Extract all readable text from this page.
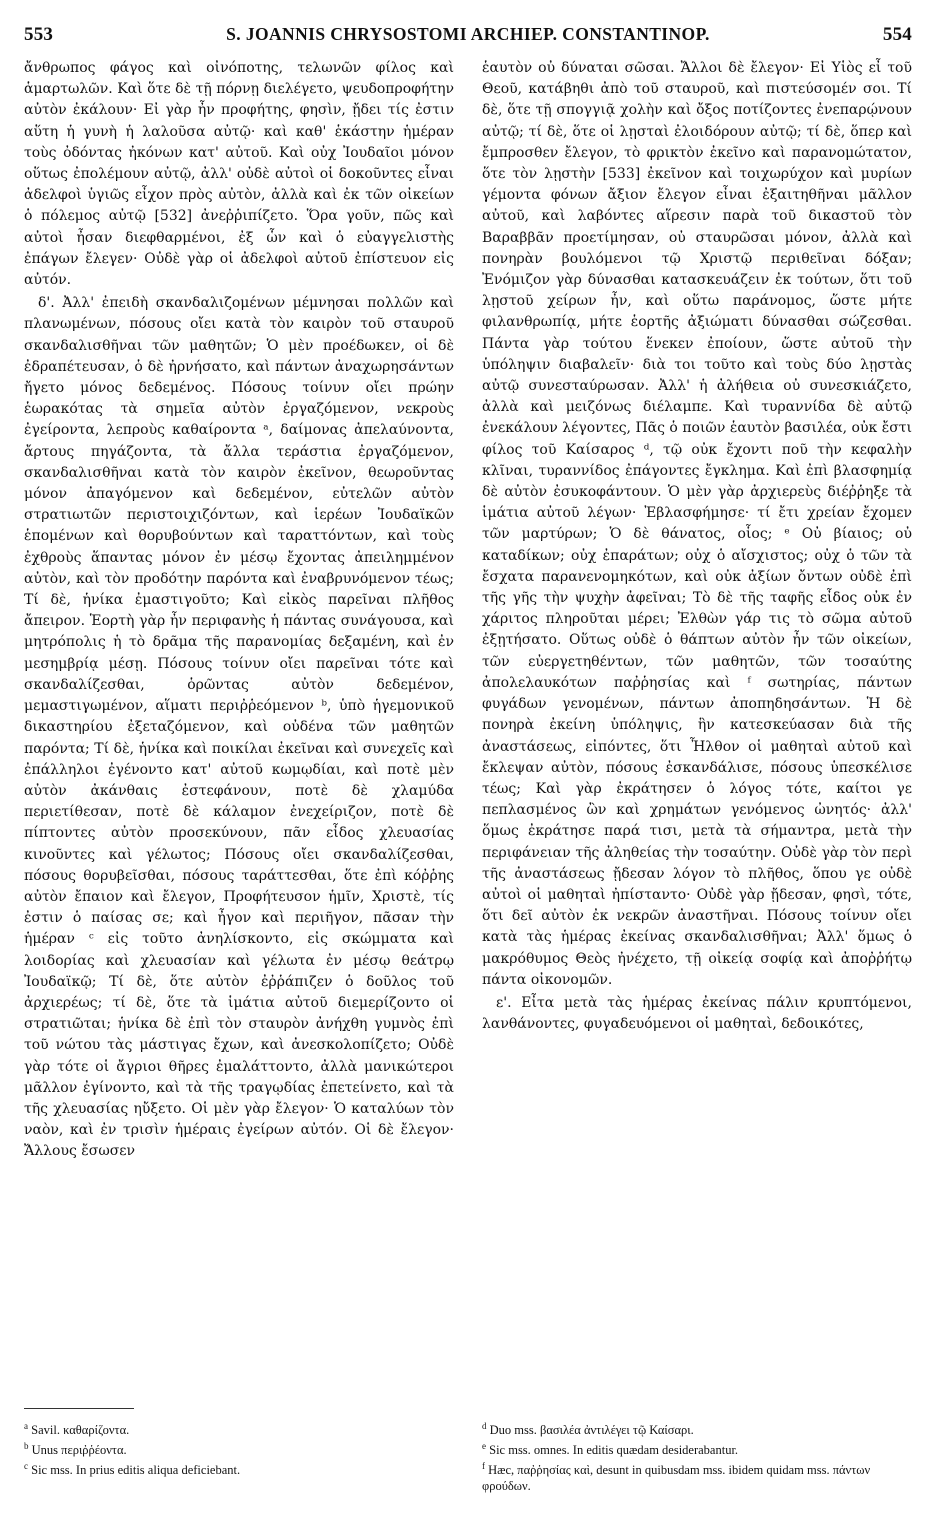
553	S. JOANNIS CHRYSOSTOMI ARCHIEP. CONSTANTINOP.	554

ἄνθρωπος φάγος καὶ οἰνόποτης, τελωνῶν φίλος καὶ ἁμαρτωλῶν. Καὶ ὅτε δὲ τῇ πόρνῃ διελέγετο, ψευδοπροφήτην αὐτὸν ἐκάλουν· Εἰ γὰρ ἦν προφήτης, φησὶν, ᾔδει τίς ἐστιν αὕτη ἡ γυνὴ ἡ λαλοῦσα αὐτῷ· καὶ καθ' ἑκάστην ἡμέραν τοὺς ὀδόντας ἠκόνων κατ' αὐτοῦ. Καὶ οὐχ Ἰουδαῖοι μόνον οὕτως ἐπολέμουν αὐτῷ, ἀλλ' οὐδὲ αὐτοὶ οἱ δοκοῦντες εἶναι ἀδελφοὶ ὑγιῶς εἶχον πρὸς αὐτὸν, ἀλλὰ καὶ ἐκ τῶν οἰκείων ὁ πόλεμος αὐτῷ [532] ἀνεῤῥιπίζετο. Ὅρα γοῦν, πῶς καὶ αὐτοὶ ἦσαν διεφθαρμένοι, ἐξ ὧν καὶ ὁ εὐαγγελιστὴς ἐπάγων ἔλεγεν· Οὐδὲ γὰρ οἱ ἀδελφοὶ αὐτοῦ ἐπίστευον εἰς αὐτόν.

δ'. Ἀλλ' ἐπειδὴ σκανδαλιζομένων μέμνησαι πολλῶν καὶ πλανωμένων, πόσους οἴει κατὰ τὸν καιρὸν τοῦ σταυροῦ σκανδαλισθῆναι τῶν μαθητῶν; Ὁ μὲν προέδωκεν, οἱ δὲ ἐδραπέτευσαν, ὁ δὲ ἠρνήσατο, καὶ πάντων ἀναχωρησάντων ἤγετο μόνος δεδεμένος. Πόσους τοίνυν οἴει πρώην ἑωρακότας τὰ σημεῖα αὐτὸν ἐργαζόμενον, νεκροὺς ἐγείροντα, λεπροὺς καθαίροντα ᵃ, δαίμονας ἀπελαύνοντα, ἄρτους πηγάζοντα, τὰ ἄλλα τεράστια ἐργαζόμενον, σκανδαλισθῆναι κατὰ τὸν καιρὸν ἐκεῖνον, θεωροῦντας μόνον ἀπαγόμενον καὶ δεδεμένον, εὐτελῶν αὐτὸν στρατιωτῶν περιστοιχιζόντων, καὶ ἱερέων Ἰουδαϊκῶν ἑπομένων καὶ θορυβούντων καὶ ταραττόντων, καὶ τοὺς ἐχθροὺς ἅπαντας μόνον ἐν μέσῳ ἔχοντας ἀπειλημμένον αὐτὸν, καὶ τὸν προδότην παρόντα καὶ ἐναβρυνόμενον τέως; Τί δὲ, ἡνίκα ἐμαστιγοῦτο; Καὶ εἰκὸς παρεῖναι πλῆθος ἄπειρον. Ἑορτὴ γὰρ ἦν περιφανὴς ἡ πάντας συνάγουσα, καὶ μητρόπολις ἡ τὸ δρᾶμα τῆς παρανομίας δεξαμένη, καὶ ἐν μεσημβρίᾳ μέσῃ. Πόσους τοίνυν οἴει παρεῖναι τότε καὶ σκανδαλίζεσθαι, ὁρῶντας αὐτὸν δεδεμένον, μεμαστιγωμένον, αἵματι περιῤῥεόμενον ᵇ, ὑπὸ ἡγεμονικοῦ δικαστηρίου ἐξεταζόμενον, καὶ οὐδένα τῶν μαθητῶν παρόντα; Τί δὲ, ἡνίκα καὶ ποικίλαι ἐκεῖναι καὶ συνεχεῖς καὶ ἐπάλληλοι ἐγένοντο κατ' αὐτοῦ κωμῳδίαι, καὶ ποτὲ μὲν αὐτὸν ἀκάνθαις ἐστεφάνουν, ποτὲ δὲ χλαμύδα περιετίθεσαν, ποτὲ δὲ κάλαμον ἐνεχείριζον, ποτὲ δὲ πίπτοντες αὐτὸν προσεκύνουν, πᾶν εἶδος χλευασίας κινοῦντες καὶ γέλωτος; Πόσους οἴει σκανδαλίζεσθαι, πόσους θορυβεῖσθαι, πόσους ταράττεσθαι, ὅτε ἐπὶ κόῤῥης αὐτὸν ἔπαιον καὶ ἔλεγον, Προφήτευσον ἡμῖν, Χριστὲ, τίς ἐστιν ὁ παίσας σε; καὶ ἦγον καὶ περιῆγον, πᾶσαν τὴν ἡμέραν ᶜ εἰς τοῦτο ἀνηλίσκοντο, εἰς σκώμματα καὶ λοιδορίας καὶ χλευασίαν καὶ γέλωτα ἐν μέσῳ θεάτρῳ Ἰουδαϊκῷ; Τί δὲ, ὅτε αὐτὸν ἐῤῥάπιζεν ὁ δοῦλος τοῦ ἀρχιερέως; τί δὲ, ὅτε τὰ ἱμάτια αὐτοῦ διεμερίζοντο οἱ στρατιῶται; ἡνίκα δὲ ἐπὶ τὸν σταυρὸν ἀνήχθη γυμνὸς ἐπὶ τοῦ νώτου τὰς μάστιγας ἔχων, καὶ ἀνεσκολοπίζετο; Οὐδὲ γὰρ τότε οἱ ἄγριοι θῆρες ἐμαλάττοντο, ἀλλὰ μανικώτεροι μᾶλλον ἐγίνοντο, καὶ τὰ τῆς τραγῳδίας ἐπετείνετο, καὶ τὰ τῆς χλευασίας ηὔξετο. Οἱ μὲν γὰρ ἔλεγον· Ὁ καταλύων τὸν ναὸν, καὶ ἐν τρισὶν ἡμέραις ἐγείρων αὐτόν. Οἱ δὲ ἔλεγον· Ἄλλους ἔσωσεν

ἑαυτὸν οὐ δύναται σῶσαι. Ἄλλοι δὲ ἔλεγον· Εἰ Υἱὸς εἶ τοῦ Θεοῦ, κατάβηθι ἀπὸ τοῦ σταυροῦ, καὶ πιστεύσομέν σοι. Τί δὲ, ὅτε τῇ σπογγιᾷ χολὴν καὶ ὄξος ποτίζοντες ἐνεπαρῴνουν αὐτῷ; τί δὲ, ὅτε οἱ λῃσταὶ ἐλοιδόρουν αὐτῷ; τί δὲ, ὅπερ καὶ ἔμπροσθεν ἔλεγον, τὸ φρικτὸν ἐκεῖνο καὶ παρανομώτατον, ὅτε τὸν λῃστὴν [533] ἐκεῖνον καὶ τοιχωρύχον καὶ μυρίων γέμοντα φόνων ἄξιον ἔλεγον εἶναι ἐξαιτηθῆναι μᾶλλον αὐτοῦ, καὶ λαβόντες αἵρεσιν παρὰ τοῦ δικαστοῦ τὸν Βαραββᾶν προετίμησαν, οὐ σταυρῶσαι μόνον, ἀλλὰ καὶ πονηρὰν βουλόμενοι τῷ Χριστῷ περιθεῖναι δόξαν; Ἐνόμιζον γὰρ δύνασθαι κατασκευάζειν ἐκ τούτων, ὅτι τοῦ λῃστοῦ χείρων ἦν, καὶ οὕτω παράνομος, ὥστε μήτε φιλανθρωπίᾳ, μήτε ἑορτῆς ἀξιώματι δύνασθαι σώζεσθαι. Πάντα γὰρ τούτου ἕνεκεν ἐποίουν, ὥστε αὐτοῦ τὴν ὑπόληψιν διαβαλεῖν· διὰ τοι τοῦτο καὶ τοὺς δύο λῃστὰς αὐτῷ συνεσταύρωσαν. Ἀλλ' ἡ ἀλήθεια οὐ συνεσκιάζετο, ἀλλὰ καὶ μειζόνως διέλαμπε. Καὶ τυραννίδα δὲ αὐτῷ ἐνεκάλουν λέγοντες, Πᾶς ὁ ποιῶν ἑαυτὸν βασιλέα, οὐκ ἔστι φίλος τοῦ Καίσαρος ᵈ, τῷ οὐκ ἔχοντι ποῦ τὴν κεφαλὴν κλῖναι, τυραννίδος ἐπάγοντες ἔγκλημα. Καὶ ἐπὶ βλασφημίᾳ δὲ αὐτὸν ἐσυκοφάντουν. Ὁ μὲν γὰρ ἀρχιερεὺς διέῤῥηξε τὰ ἱμάτια αὐτοῦ λέγων· Ἐβλασφήμησε· τί ἔτι χρείαν ἔχομεν τῶν μαρτύρων; Ὁ δὲ θάνατος, οἷος; ᵉ Οὐ βίαιος; οὐ καταδίκων; οὐχ ἐπαράτων; οὐχ ὁ αἴσχιστος; οὐχ ὁ τῶν τὰ ἔσχατα παρανενομηκότων, καὶ οὐκ ἀξίων ὄντων οὐδὲ ἐπὶ τῆς γῆς τὴν ψυχὴν ἀφεῖναι; Τὸ δὲ τῆς ταφῆς εἶδος οὐκ ἐν χάριτος πληροῦται μέρει; Ἐλθὼν γάρ τις τὸ σῶμα αὐτοῦ ἐξῃτήσατο. Οὕτως οὐδὲ ὁ θάπτων αὐτὸν ἦν τῶν οἰκείων, τῶν εὐεργετηθέντων, τῶν μαθητῶν, τῶν τοσαύτης ἀπολελαυκότων παῤῥησίας καὶ ᶠ σωτηρίας, πάντων φυγάδων γενομένων, πάντων ἀποπηδησάντων. Ἡ δὲ πονηρὰ ἐκείνη ὑπόληψις, ἣν κατεσκεύασαν διὰ τῆς ἀναστάσεως, εἰπόντες, ὅτι Ἦλθον οἱ μαθηταὶ αὐτοῦ καὶ ἔκλεψαν αὐτὸν, πόσους ἐσκανδάλισε, πόσους ὑπεσκέλισε τέως; Καὶ γὰρ ἐκράτησεν ὁ λόγος τότε, καίτοι γε πεπλασμένος ὢν καὶ χρημάτων γενόμενος ὠνητός· ἀλλ' ὅμως ἐκράτησε παρά τισι, μετὰ τὰ σήμαντρα, μετὰ τὴν περιφάνειαν τῆς ἀληθείας τὴν τοσαύτην. Οὐδὲ γὰρ τὸν περὶ τῆς ἀναστάσεως ᾔδεσαν λόγον τὸ πλῆθος, ὅπου γε οὐδὲ αὐτοὶ οἱ μαθηταὶ ἠπίσταντο· Οὐδὲ γὰρ ᾔδεσαν, φησὶ, τότε, ὅτι δεῖ αὐτὸν ἐκ νεκρῶν ἀναστῆναι. Πόσους τοίνυν οἴει κατὰ τὰς ἡμέρας ἐκείνας σκανδαλισθῆναι; Ἀλλ' ὅμως ὁ μακρόθυμος Θεὸς ἠνέχετο, τῇ οἰκείᾳ σοφίᾳ καὶ ἀποῤῥήτῳ πάντα οἰκονομῶν.

ε'. Εἶτα μετὰ τὰς ἡμέρας ἐκείνας πάλιν κρυπτόμενοι, λανθάνοντες, φυγαδευόμενοι οἱ μαθηταὶ, δεδοικότες,

$^a$ Savil. καθαρίζοντα.

$^b$ Unus περιῤῥέοντα.

$^c$ Sic mss. In prius editis aliqua deficiebant.

$^d$ Duo mss. βασιλέα ἀντιλέγει τῷ Καίσαρι.

$^e$ Sic mss. omnes. In editis quædam desiderabantur.

$^f$ Hæc, παῤῥησίας καὶ, desunt in quibusdam mss. ibidem quidam mss. πάντων φρούδων.
